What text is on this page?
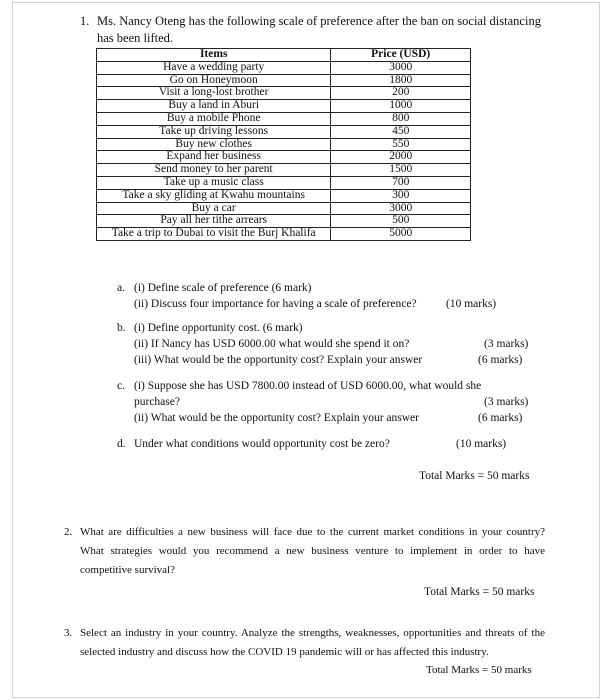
1. Ms. Nancy Oteng has the following scale of preference after the ban on social distancing
has been lifted.
Items	Price (USD)
Have a wedding party	3000
Go on Honeymoon	1800
Visit a long-lost brother	200
Buy a land in Aburi	1000
Buy a mobile Phone	800
Take up driving lessons	450
Buy new clothes	550
Expand her business	2000
Send money to her parent	1500
Take up a music class	700
Take a sky gliding at Kwahu mountains	300
Buy a car	3000
Pay all her tithe arrears	500
Take a trip to Dubai to visit the Burj Khalifa	5000
a. (i) Define scale of preference (6 mark)
(ii) Discuss four importance for having a scale of preference?	(10 marks)
b. (i) Define opportunity cost. (6 mark)
(ii) If Nancy has USD 6000.00 what would she spend it on?	(3 marks)
(iii) What would be the opportunity cost? Explain your answer	(6 marks)
c. (i) Suppose she has USD 7800.00 instead of USD 6000.00, what would she
purchase?	(3 marks)
(ii) What would be the opportunity cost? Explain your answer	(6 marks)
d. Under what conditions would opportunity cost be zero?	(10 marks)
Total Marks = 50 marks
2. What are difficulties a new business will face due to the current market conditions in your country?
What strategies would you recommend a new business venture to implement in order to have
competitive survival?
Total Marks = 50 marks
3. Select an industry in your country. Analyze the strengths, weaknesses, opportunities and threats of the
selected industry and discuss how the COVID 19 pandemic will or has affected this industry.
Total Marks = 50 marks
